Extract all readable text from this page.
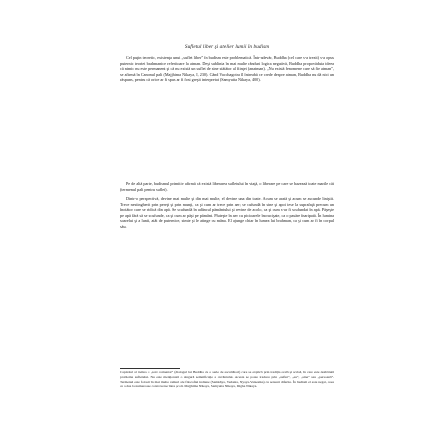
Sufletul liber şi atelier lumii în budism
Cel puţin teoretic, existenţa unui „suflet liber” în budism este problematică. Într-adevăr, Buddha (cel care s-a trezit) s-a opus puternic teoriei brahmanice referitoare la atman. Deşi sublinia în mai multe rânduri logica negativă, Buddha propovăduia ideea că nimic nu este permanent şi că nu există un suflet de sine stătător al fiinţei (anatman). „Nu există fenomene care să fie atman”, se afirmă în Canonul pali (Majjhima Nikaya, I, 230). Când Vacchagotra îl întreabă ce crede despre atman, Buddha nu dă nici un răspuns, pentru că orice ar fi spus ar fi fost greşit interpretat (Samyutta Nikaya, 400).
Pe de altă parte, budismul primitiv afirmă că există liberarea sufletului în viaţă, o liberare pe care se bazează toate marile căi (termenul pali pentru suflet).
Dintr-o perspectivă, devine mai multe şi din mai multe, el devine una din toate. Acum se arată şi acum se ascunde liniştit. Trece nestingherit prin pereţi şi prin munţi, ca şi cum ar trece prin aer; se cufundă în sine şi apoi iese la suprafaţă precum un înotător care se ridică din apă. Se scufundă în adâncul pământului şi revine de acolo, ca şi cum s-ar fi scufundat în apă. Păşeşte pe apă fără să se scufunde, ca şi cum ar păşi pe pământ. Pluteşte în aer cu picioarele încrucişate, ca o pasăre înaripată. În lumina soarelui şi a lunii, atât de puternice, simte şi le atinge cu mâna. El ajunge chiar în lumea lui brahman, ca şi cum ar fi în corpul său.
Capitolul al treilea = „text comentat” (dialogul lui Buddha cu o serie de ascultători) care se explică prin tradiţia orală şi scrisă, în care este dezbătută problema sufletului. Nu este menţionată o singură semnificaţie a cuvântului. Acesta se poate traduce prin „suflet”, „eu”, „sine” sau „persoană”. Termenul este folosit în mai multe ramuri ale filozofiei indiene (Samkhya, Vedanta, Nyaya-Vaisesika) cu sensuri diferite. În budism el este negat, ceea ce a dus la numeroase controverse între şcoli. Majjhima Nikaya, Samyutta Nikaya, Digha Nikaya.
